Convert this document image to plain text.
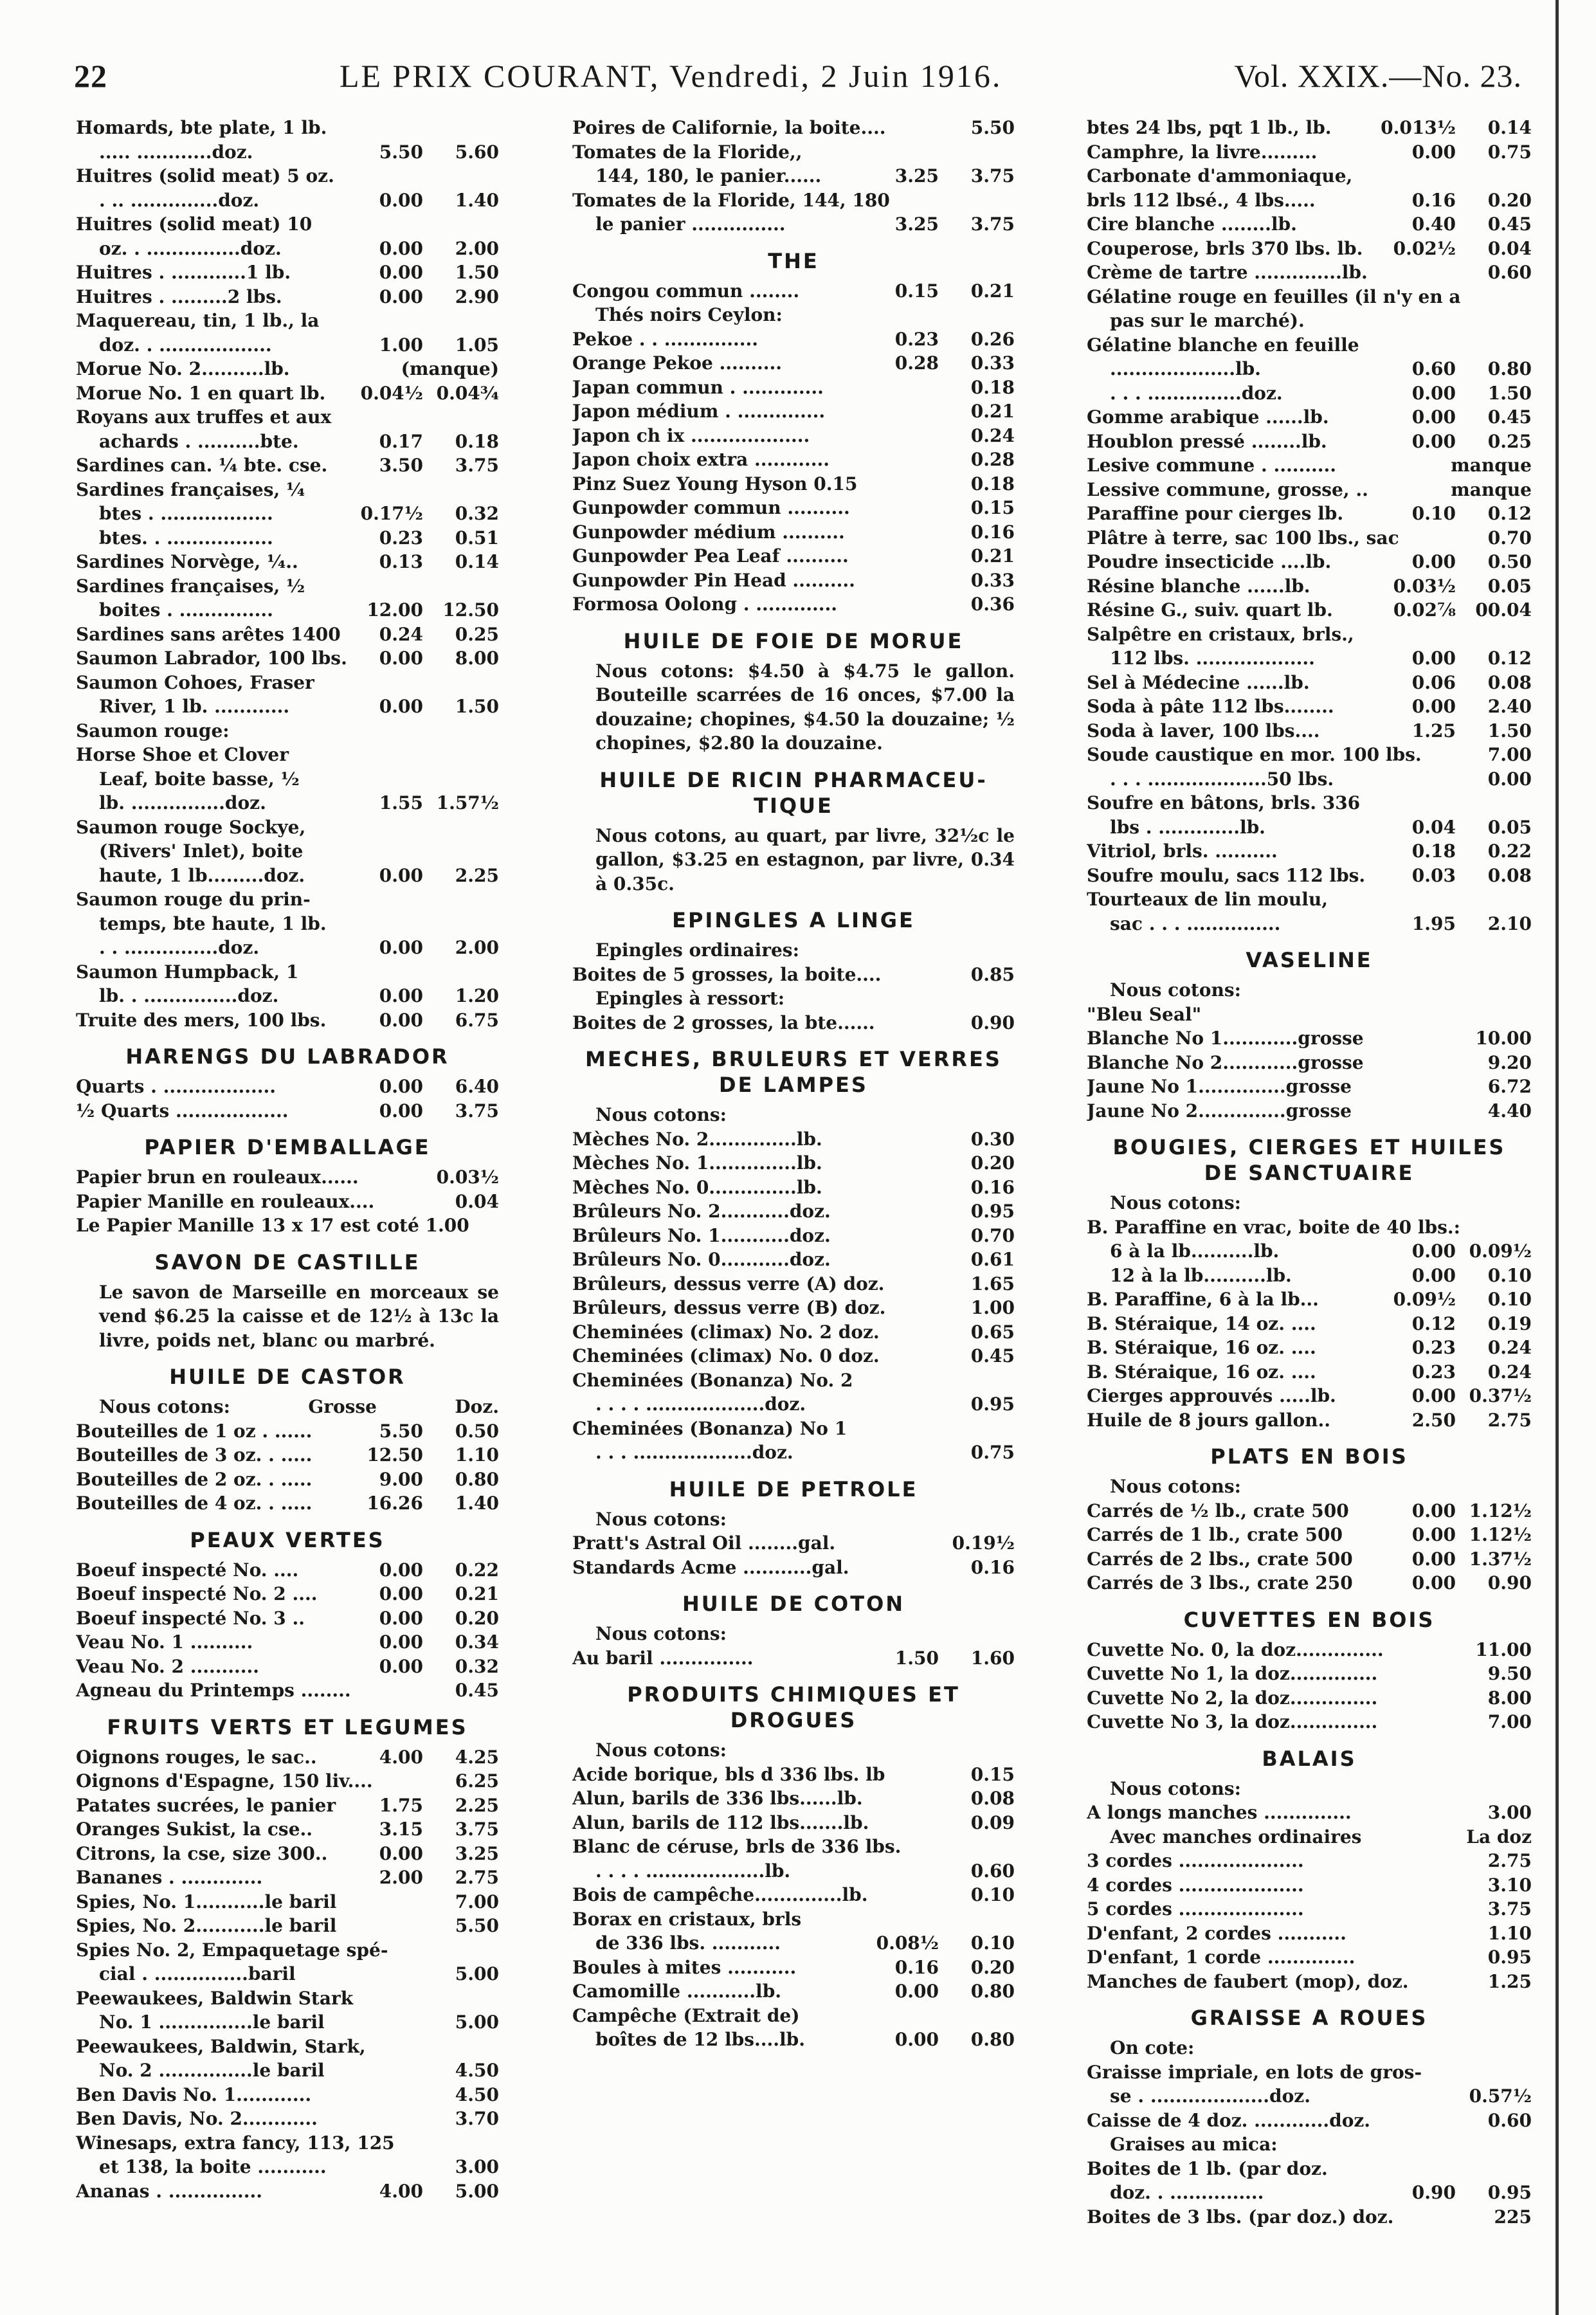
22	LE PRIX COURANT, Vendredi, 2 Juin 1916.	Vol. XXIX.—No. 23.
Homards, bte plate, 1 lb.
..... ............doz.	5.50	5.60
Huitres (solid meat) 5 oz.
. .. ..............doz.	0.00	1.40
Huitres (solid meat) 10
oz. . ...............doz.	0.00	2.00
Huitres . ............1 lb.	0.00	1.50
Huitres . .........2 lbs.	0.00	2.90
Maquereau, tin, 1 lb., la
doz. . ..................	1.00	1.05
Morue No. 2..........lb.	(manque)
Morue No. 1 en quart lb.	0.04½ 0.04¾
Royans aux truffes et aux
achards . ..........bte.	0.17	0.18
Sardines can. ¼ bte. cse.	3.50	3.75
Sardines françaises, ¼
btes . ..................	0.17½	0.32
btes. . .................	0.23	0.51
Sardines Norvège, ¼..	0.13	0.14
Sardines françaises, ½
boites . ...............	12.00	12.50
Sardines sans arêtes 1400	0.24	0.25
Saumon Labrador, 100 lbs.	0.00	8.00
Saumon Cohoes, Fraser
River, 1 lb. ............	0.00	1.50
Saumon rouge:
Horse Shoe et Clover
Leaf, boite basse, ½
lb. ...............doz.	1.55 1.57½
Saumon rouge Sockye,
(Rivers' Inlet), boite
haute, 1 lb.........doz.	0.00	2.25
Saumon rouge du prin-
temps, bte haute, 1 lb.
. . ...............doz.	0.00	2.00
Saumon Humpback, 1
lb. . ...............doz.	0.00	1.20
Truite des mers, 100 lbs.	0.00	6.75
HARENGS DU LABRADOR
Quarts . ..................	0.00	6.40
½ Quarts ..................	0.00	3.75
PAPIER D'EMBALLAGE
Papier brun en rouleaux......	0.03½
Papier Manille en rouleaux....	0.04
Le Papier Manille 13 x 17 est coté 1.00
SAVON DE CASTILLE
Le savon de Marseille en morceaux se vend $6.25 la caisse et de 12½ à 13c la livre, poids net, blanc ou marbré.
HUILE DE CASTOR
Nous cotons:	Grosse	Doz.
Bouteilles de 1 oz . ......	5.50	0.50
Bouteilles de 3 oz. . .....	12.50	1.10
Bouteilles de 2 oz. . .....	9.00	0.80
Bouteilles de 4 oz. . .....	16.26	1.40
PEAUX VERTES
Boeuf inspecté No. ....	0.00	0.22
Boeuf inspecté No. 2 ....	0.00	0.21
Boeuf inspecté No. 3 ..	0.00	0.20
Veau No. 1 ..........	0.00	0.34
Veau No. 2 ...........	0.00	0.32
Agneau du Printemps ........	0.45
FRUITS VERTS ET LEGUMES
Oignons rouges, le sac..	4.00	4.25
Oignons d'Espagne, 150 liv....	6.25
Patates sucrées, le panier	1.75	2.25
Oranges Sukist, la cse..	3.15	3.75
Citrons, la cse, size 300..	0.00	3.25
Bananes . .............	2.00	2.75
Spies, No. 1...........le baril	7.00
Spies, No. 2...........le baril	5.50
Spies No. 2, Empaquetage spé-
cial . ...............baril	5.00
Peewaukees, Baldwin Stark
No. 1 ...............le baril	5.00
Peewaukees, Baldwin, Stark,
No. 2 ...............le baril	4.50
Ben Davis No. 1............	4.50
Ben Davis, No. 2............	3.70
Winesaps, extra fancy, 113, 125
et 138, la boite ...........	3.00
Ananas . ...............	4.00	5.00
Poires de Californie, la boite....	5.50
Tomates de la Floride,,
144, 180, le panier......	3.25	3.75
Tomates de la Floride, 144, 180
le panier ...............	3.25	3.75
THE
Congou commun ........	0.15	0.21
Thés noirs Ceylon:
Pekoe . . ...............	0.23	0.26
Orange Pekoe ..........	0.28	0.33
Japan commun . .............	0.18
Japon médium . ..............	0.21
Japon ch ix ...................	0.24
Japon choix extra ............	0.28
Pinz Suez Young Hyson 0.15	0.18
Gunpowder commun ..........	0.15
Gunpowder médium ..........	0.16
Gunpowder Pea Leaf ..........	0.21
Gunpowder Pin Head ..........	0.33
Formosa Oolong . .............	0.36
HUILE DE FOIE DE MORUE
Nous cotons: $4.50 à $4.75 le gallon. Bouteille scarrées de 16 onces, $7.00 la douzaine; chopines, $4.50 la douzaine; ½ chopines, $2.80 la douzaine.
HUILE DE RICIN PHARMACEU-
TIQUE
Nous cotons, au quart, par livre, 32½c le gallon, $3.25 en estagnon, par livre, 0.34 à 0.35c.
EPINGLES A LINGE
Epingles ordinaires:
Boites de 5 grosses, la boite....	0.85
Epingles à ressort:
Boites de 2 grosses, la bte......	0.90
MECHES, BRULEURS ET VERRES
DE LAMPES
Nous cotons:
Mèches No. 2..............lb.	0.30
Mèches No. 1..............lb.	0.20
Mèches No. 0..............lb.	0.16
Brûleurs No. 2...........doz.	0.95
Brûleurs No. 1...........doz.	0.70
Brûleurs No. 0...........doz.	0.61
Brûleurs, dessus verre (A) doz.	1.65
Brûleurs, dessus verre (B) doz.	1.00
Cheminées (climax) No. 2 doz.	0.65
Cheminées (climax) No. 0 doz.	0.45
Cheminées (Bonanza) No. 2
. . . . ...................doz.	0.95
Cheminées (Bonanza) No 1
. . . ...................doz.	0.75
HUILE DE PETROLE
Nous cotons:
Pratt's Astral Oil ........gal.	0.19½
Standards Acme ...........gal.	0.16
HUILE DE COTON
Nous cotons:
Au baril ...............	1.50	1.60
PRODUITS CHIMIQUES ET
DROGUES
Nous cotons:
Acide borique, bls d 336 lbs. lb	0.15
Alun, barils de 336 lbs......lb.	0.08
Alun, barils de 112 lbs.......lb.	0.09
Blanc de céruse, brls de 336 lbs.
. . . . ...................lb.	0.60
Bois de campêche..............lb.	0.10
Borax en cristaux, brls
de 336 lbs. ...........	0.08½	0.10
Boules à mites ...........	0.16	0.20
Camomille ...........lb.	0.00	0.80
Campêche (Extrait de)
boîtes de 12 lbs....lb.	0.00	0.80
btes 24 lbs, pqt 1 lb., lb.	0.013½	0.14
Camphre, la livre.........	0.00	0.75
Carbonate d'ammoniaque,
brls 112 lbsé., 4 lbs.....	0.16	0.20
Cire blanche ........lb.	0.40	0.45
Couperose, brls 370 lbs. lb.	0.02½	0.04
Crème de tartre ..............lb.	0.60
Gélatine rouge en feuilles (il n'y en a
pas sur le marché).
Gélatine blanche en feuille
....................lb.	0.60	0.80
. . . ...............doz.	0.00	1.50
Gomme arabique ......lb.	0.00	0.45
Houblon pressé ........lb.	0.00	0.25
Lesive commune . ..........	manque
Lessive commune, grosse, ..	manque
Paraffine pour cierges lb.	0.10	0.12
Plâtre à terre, sac 100 lbs., sac	0.70
Poudre insecticide ....lb.	0.00	0.50
Résine blanche ......lb.	0.03½	0.05
Résine G., suiv. quart lb.	0.02⅞	00.04
Salpêtre en cristaux, brls.,
112 lbs. ...................	0.00	0.12
Sel à Médecine ......lb.	0.06	0.08
Soda à pâte 112 lbs........	0.00	2.40
Soda à laver, 100 lbs....	1.25	1.50
Soude caustique en mor. 100 lbs.	7.00
. . . ...................50 lbs.	0.00
Soufre en bâtons, brls. 336
lbs . .............lb.	0.04	0.05
Vitriol, brls. ..........	0.18	0.22
Soufre moulu, sacs 112 lbs.	0.03	0.08
Tourteaux de lin moulu,
sac . . . ...............	1.95	2.10
VASELINE
Nous cotons:
"Bleu Seal"
Blanche No 1............grosse	10.00
Blanche No 2............grosse	9.20
Jaune No 1..............grosse	6.72
Jaune No 2..............grosse	4.40
BOUGIES, CIERGES ET HUILES
DE SANCTUAIRE
Nous cotons:
B. Paraffine en vrac, boite de 40 lbs.:
6 à la lb..........lb.	0.00 0.09½
12 à la lb..........lb.	0.00	0.10
B. Paraffine, 6 à la lb...	0.09½	0.10
B. Stéraique, 14 oz. ....	0.12	0.19
B. Stéraique, 16 oz. ....	0.23	0.24
B. Stéraique, 16 oz. ....	0.23	0.24
Cierges approuvés .....lb.	0.00 0.37½
Huile de 8 jours gallon..	2.50	2.75
PLATS EN BOIS
Nous cotons:
Carrés de ½ lb., crate 500	0.00 1.12½
Carrés de 1 lb., crate 500	0.00 1.12½
Carrés de 2 lbs., crate 500	0.00 1.37½
Carrés de 3 lbs., crate 250	0.00	0.90
CUVETTES EN BOIS
Cuvette No. 0, la doz..............	11.00
Cuvette No 1, la doz..............	9.50
Cuvette No 2, la doz..............	8.00
Cuvette No 3, la doz..............	7.00
BALAIS
Nous cotons:
A longs manches ..............	3.00
Avec manches ordinaires	La doz
3 cordes ....................	2.75
4 cordes ....................	3.10
5 cordes ....................	3.75
D'enfant, 2 cordes ...........	1.10
D'enfant, 1 corde ..............	0.95
Manches de faubert (mop), doz.	1.25
GRAISSE A ROUES
On cote:
Graisse impriale, en lots de gros-
se . ...................doz.	0.57½
Caisse de 4 doz. ............doz.	0.60
Graises au mica:
Boites de 1 lb. (par doz.
doz. . ...............	0.90	0.95
Boites de 3 lbs. (par doz.) doz.	225
